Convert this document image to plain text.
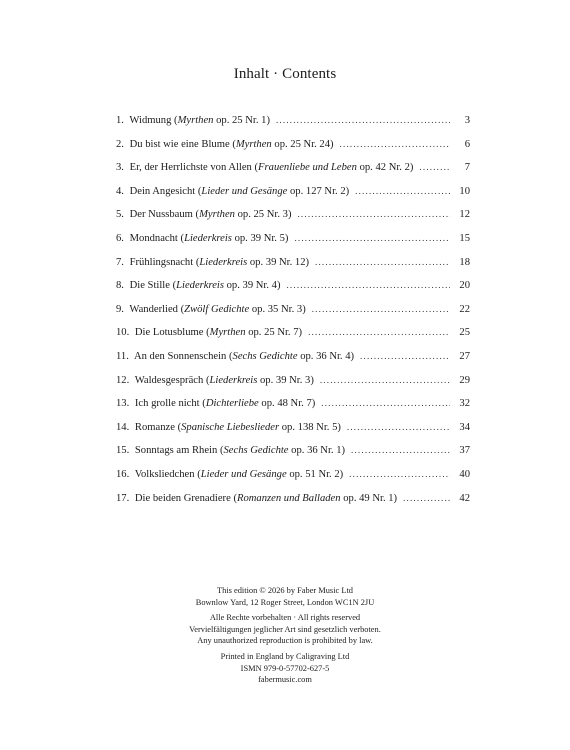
Inhalt · Contents
1. Widmung (Myrthen op. 25 Nr. 1) .....	3
2. Du bist wie eine Blume (Myrthen op. 25 Nr. 24) .....	6
3. Er, der Herrlichste von Allen (Frauenliebe und Leben op. 42 Nr. 2) .....	7
4. Dein Angesicht (Lieder und Gesänge op. 127 Nr. 2) .....	10
5. Der Nussbaum (Myrthen op. 25 Nr. 3) .....	12
6. Mondnacht (Liederkreis op. 39 Nr. 5) .....	15
7. Frühlingsnacht (Liederkreis op. 39 Nr. 12) .....	18
8. Die Stille (Liederkreis op. 39 Nr. 4) .....	20
9. Wanderlied (Zwölf Gedichte op. 35 Nr. 3) .....	22
10. Die Lotusblume (Myrthen op. 25 Nr. 7) .....	25
11. An den Sonnenschein (Sechs Gedichte op. 36 Nr. 4) .....	27
12. Waldesgespräch (Liederkreis op. 39 Nr. 3) .....	29
13. Ich grolle nicht (Dichterliebe op. 48 Nr. 7) .....	32
14. Romanze (Spanische Liebeslieder op. 138 Nr. 5) .....	34
15. Sonntags am Rhein (Sechs Gedichte op. 36 Nr. 1) .....	37
16. Volksliedchen (Lieder und Gesänge op. 51 Nr. 2) .....	40
17. Die beiden Grenadiere (Romanzen und Balladen op. 49 Nr. 1) .....	42

This edition © 2026 by Faber Music Ltd
Bownlow Yard, 12 Roger Street, London WC1N 2JU

Alle Rechte vorbehalten · All rights reserved
Vervielfältigungen jeglicher Art sind gesetzlich verboten.
Any unauthorized reproduction is prohibited by law.

Printed in England by Caligraving Ltd
ISMN 979-0-57702-627-5
fabermusic.com
